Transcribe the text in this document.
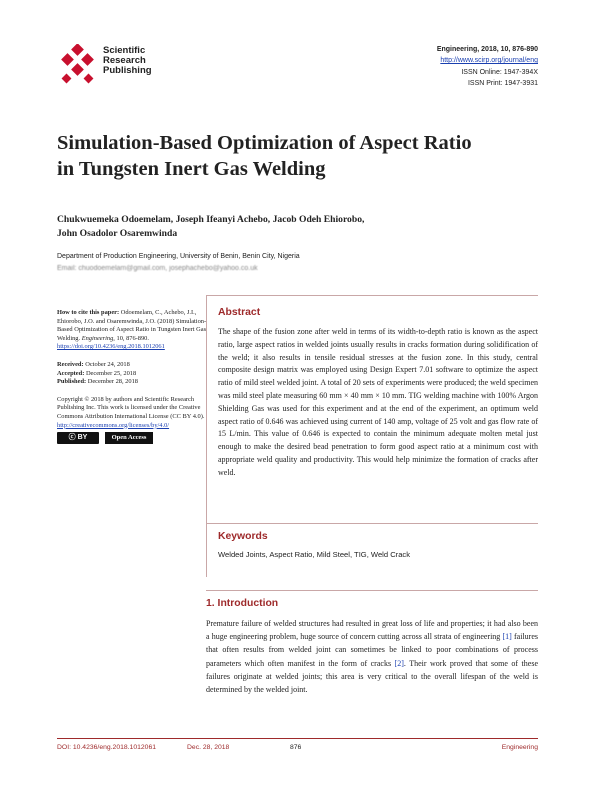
Scientific
Research
Publishing
Engineering, 2018, 10, 876-890
http://www.scirp.org/journal/eng
ISSN Online: 1947-394X
ISSN Print: 1947-3931
Simulation-Based Optimization of Aspect Ratio
in Tungsten Inert Gas Welding
Chukwuemeka Odoemelam, Joseph Ifeanyi Achebo, Jacob Odeh Ehiorobo,
John Osadolor Osaremwinda
Department of Production Engineering, University of Benin, Benin City, Nigeria
Email: chuodoemelam@gmail.com, josephachebo@yahoo.co.uk
How to cite this paper: Odoemelam, C., Achebo, J.I., Ehiorobo, J.O. and Osaremwinda, J.O. (2018) Simulation-Based Optimization of Aspect Ratio in Tungsten Inert Gas Welding. Engineering, 10, 876-890.
https://doi.org/10.4236/eng.2018.1012061
Received: October 24, 2018
Accepted: December 25, 2018
Published: December 28, 2018
Copyright © 2018 by authors and Scientific Research Publishing Inc. This work is licensed under the Creative Commons Attribution International License (CC BY 4.0).
http://creativecommons.org/licenses/by/4.0/
ⓒ BY	Open Access
Abstract
The shape of the fusion zone after weld in terms of its width-to-depth ratio is known as the aspect ratio, large aspect ratios in welded joints usually results in cracks formation during solidification of the weld; it also results in tensile residual stresses at the fusion zone. In this study, central composite design matrix was employed using Design Expert 7.01 software to optimize the aspect ratio of mild steel welded joint. A total of 20 sets of experiments were produced; the weld specimen was mild steel plate measuring 60 mm × 40 mm × 10 mm. TIG welding machine with 100% Argon Shielding Gas was used for this experiment and at the end of the experiment, an optimum weld aspect ratio of 0.646 was achieved using current of 140 amp, voltage of 25 volt and gas flow rate of 15 L/min. This value of 0.646 is expected to contain the minimum adequate molten metal just enough to make the desired bead penetration to form good aspect ratio at a minimum cost with appropriate weld quality and productivity. This would help minimize the formation of cracks after weld.
Keywords
Welded Joints, Aspect Ratio, Mild Steel, TIG, Weld Crack
1. Introduction
Premature failure of welded structures had resulted in great loss of life and properties; it had also been a huge engineering problem, huge source of concern cutting across all strata of engineering [1] failures that often results from welded joint can sometimes be linked to poor combinations of process parameters which often manifest in the form of cracks [2]. Their work proved that some of these failures originate at welded joints; this area is very critical to the overall lifespan of the weld is determined by the welded joint.
DOI: 10.4236/eng.2018.1012061	Dec. 28, 2018	876	Engineering
